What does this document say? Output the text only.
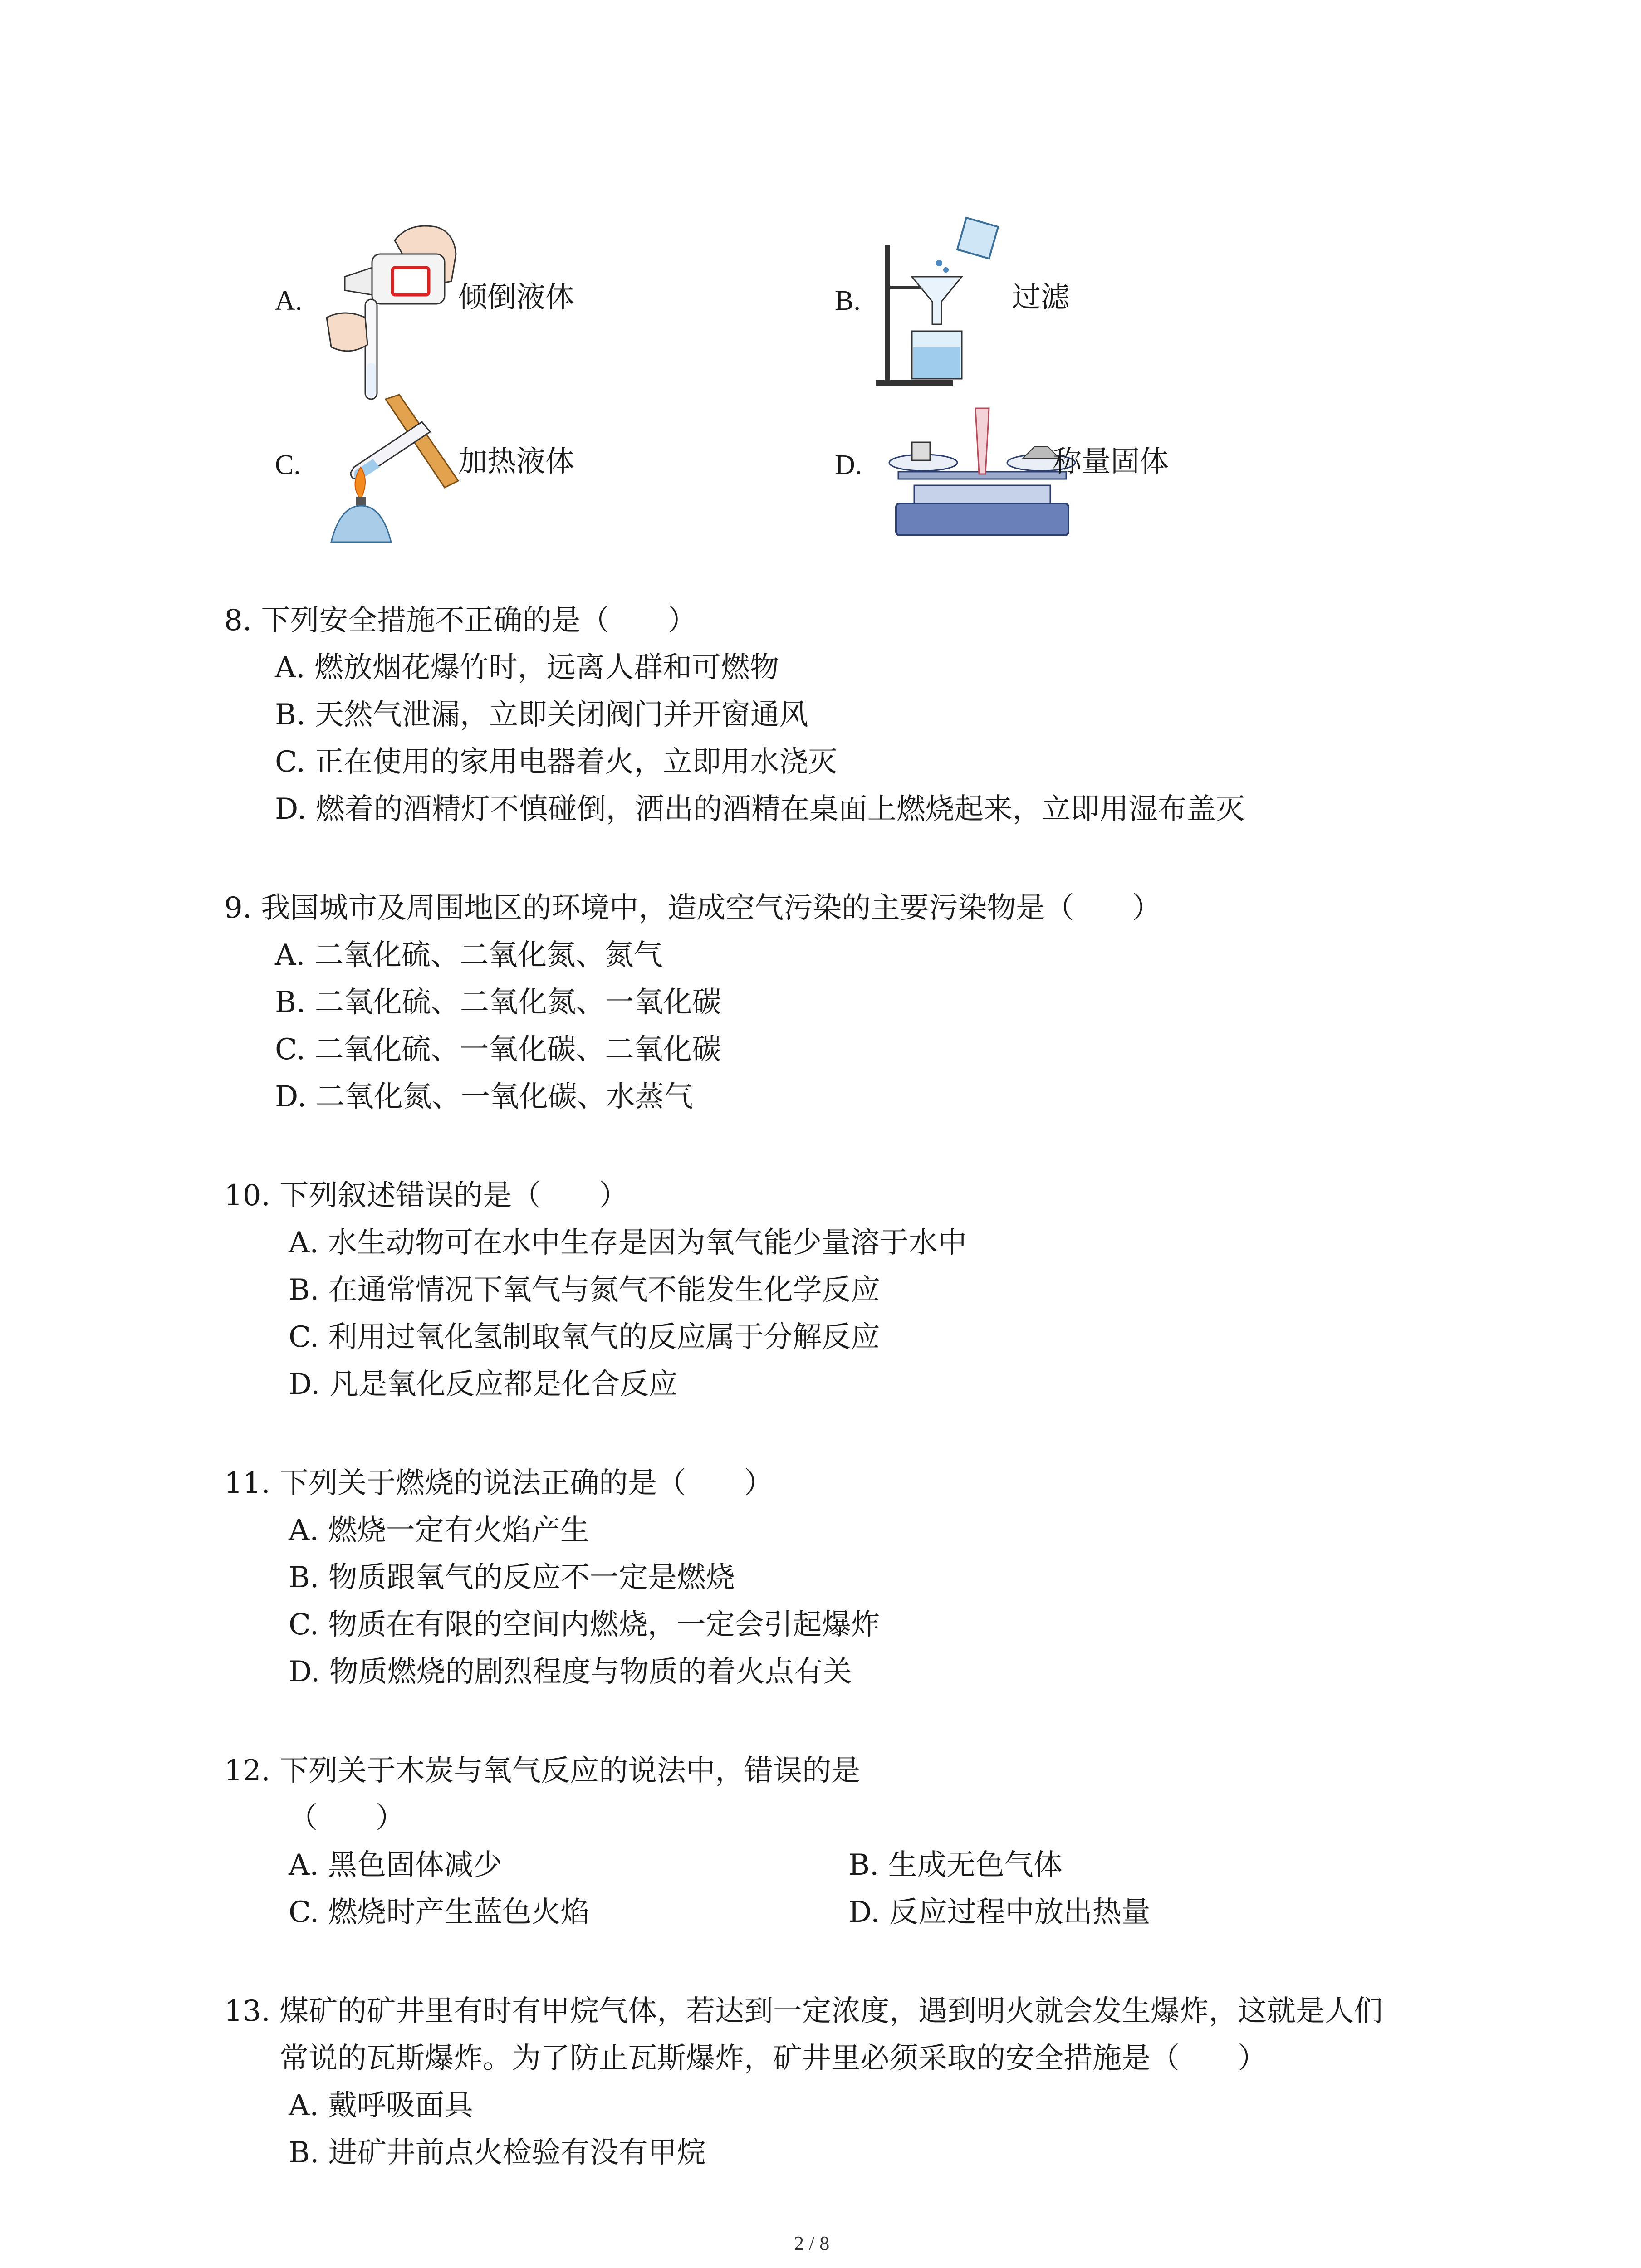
A.	倾倒液体	B.	过滤
C.	加热液体	D.	称量固体
8. 下列安全措施不正确的是（　　）
A. 燃放烟花爆竹时，远离人群和可燃物
B. 天然气泄漏，立即关闭阀门并开窗通风
C. 正在使用的家用电器着火，立即用水浇灭
D. 燃着的酒精灯不慎碰倒，洒出的酒精在桌面上燃烧起来，立即用湿布盖灭
9. 我国城市及周围地区的环境中，造成空气污染的主要污染物是（　　）
A. 二氧化硫、二氧化氮、氮气
B. 二氧化硫、二氧化氮、一氧化碳
C. 二氧化硫、一氧化碳、二氧化碳
D. 二氧化氮、一氧化碳、水蒸气
10. 下列叙述错误的是（　　）
A. 水生动物可在水中生存是因为氧气能少量溶于水中
B. 在通常情况下氧气与氮气不能发生化学反应
C. 利用过氧化氢制取氧气的反应属于分解反应
D. 凡是氧化反应都是化合反应
11. 下列关于燃烧的说法正确的是（　　）
A. 燃烧一定有火焰产生
B. 物质跟氧气的反应不一定是燃烧
C. 物质在有限的空间内燃烧，一定会引起爆炸
D. 物质燃烧的剧烈程度与物质的着火点有关
12. 下列关于木炭与氧气反应的说法中，错误的是
（　　）
A. 黑色固体减少	B. 生成无色气体
C. 燃烧时产生蓝色火焰	D. 反应过程中放出热量
13. 煤矿的矿井里有时有甲烷气体，若达到一定浓度，遇到明火就会发生爆炸，这就是人们
常说的瓦斯爆炸。为了防止瓦斯爆炸，矿井里必须采取的安全措施是（　　）
A. 戴呼吸面具
B. 进矿井前点火检验有没有甲烷
2 / 8
